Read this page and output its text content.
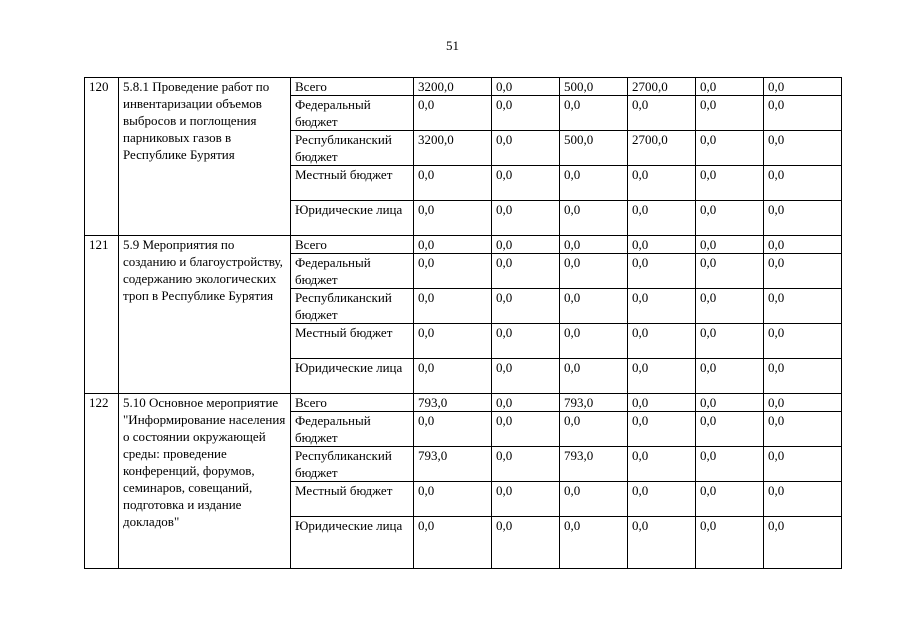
51
120	5.8.1 Проведение работ по инвентаризации объемов выбросов и поглощения парниковых газов в Республике Бурятия	Всего	3200,0	0,0	500,0	2700,0	0,0	0,0
		Федеральный бюджет	0,0	0,0	0,0	0,0	0,0	0,0
		Республиканский бюджет	3200,0	0,0	500,0	2700,0	0,0	0,0
		Местный бюджет	0,0	0,0	0,0	0,0	0,0	0,0
		Юридические лица	0,0	0,0	0,0	0,0	0,0	0,0
121	5.9 Мероприятия по созданию и благоустройству, содержанию экологических троп в Республике Бурятия	Всего	0,0	0,0	0,0	0,0	0,0	0,0
		Федеральный бюджет	0,0	0,0	0,0	0,0	0,0	0,0
		Республиканский бюджет	0,0	0,0	0,0	0,0	0,0	0,0
		Местный бюджет	0,0	0,0	0,0	0,0	0,0	0,0
		Юридические лица	0,0	0,0	0,0	0,0	0,0	0,0
122	5.10 Основное мероприятие "Информирование населения о состоянии окружающей среды: проведение конференций, форумов, семинаров, совещаний, подготовка и издание докладов"	Всего	793,0	0,0	793,0	0,0	0,0	0,0
		Федеральный бюджет	0,0	0,0	0,0	0,0	0,0	0,0
		Республиканский бюджет	793,0	0,0	793,0	0,0	0,0	0,0
		Местный бюджет	0,0	0,0	0,0	0,0	0,0	0,0
		Юридические лица	0,0	0,0	0,0	0,0	0,0	0,0
